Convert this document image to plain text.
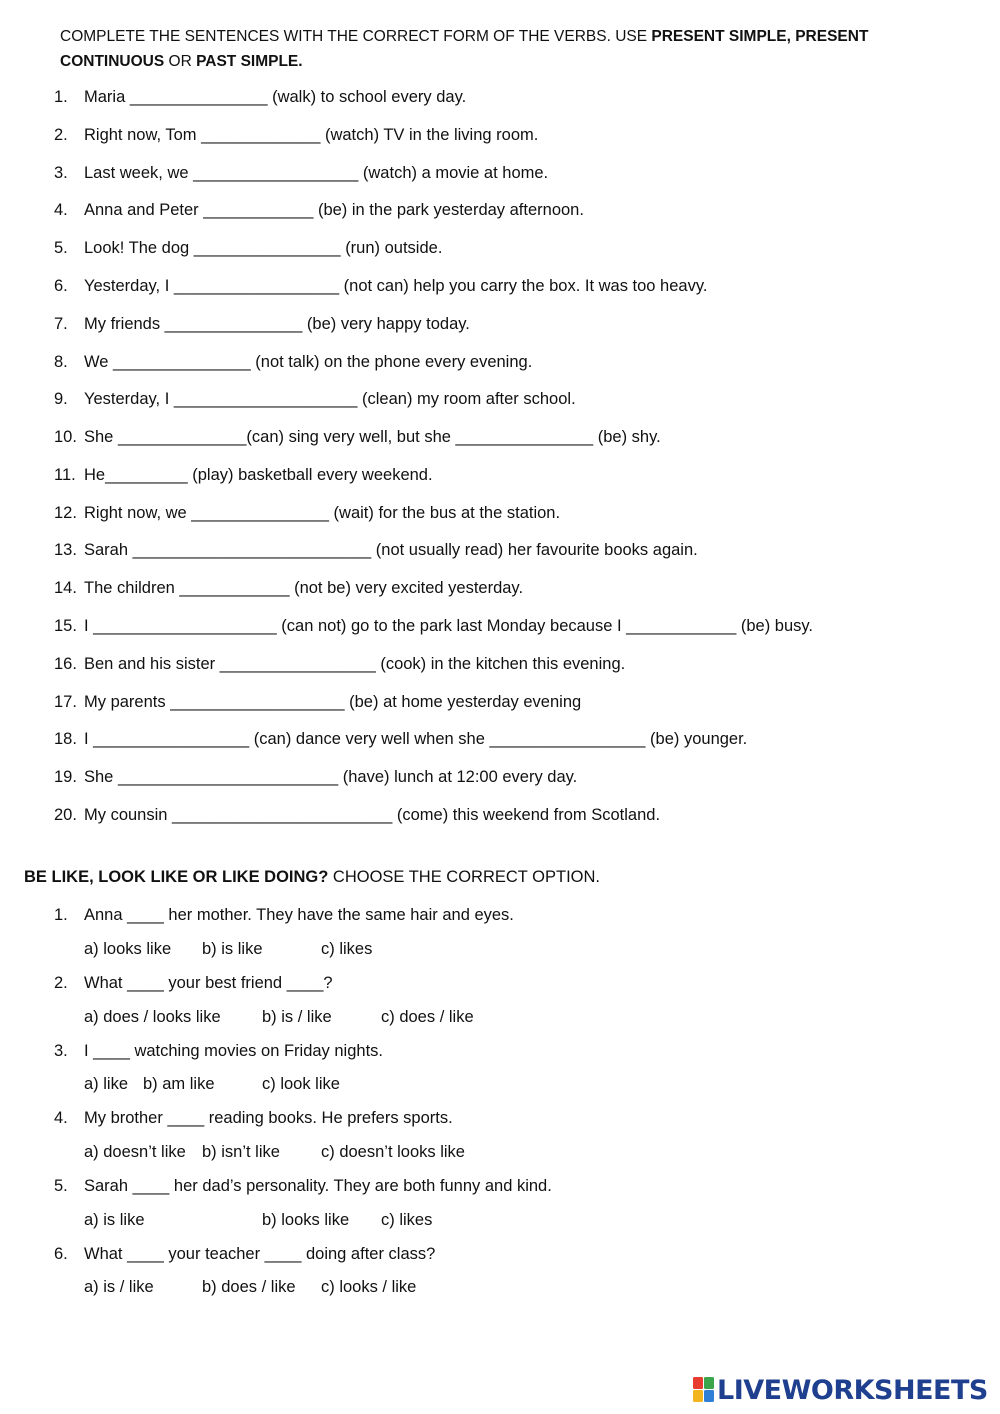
COMPLETE THE SENTENCES WITH THE CORRECT FORM OF THE VERBS. USE PRESENT SIMPLE, PRESENT CONTINUOUS OR PAST SIMPLE.
1. Maria _______________ (walk) to school every day.
2. Right now, Tom _____________ (watch) TV in the living room.
3. Last week, we __________________ (watch) a movie at home.
4. Anna and Peter ____________ (be) in the park yesterday afternoon.
5. Look! The dog ________________ (run) outside.
6. Yesterday, I __________________ (not can) help you carry the box. It was too heavy.
7. My friends _______________ (be) very happy today.
8. We _______________ (not talk) on the phone every evening.
9. Yesterday, I ____________________ (clean) my room after school.
10. She ______________(can) sing very well, but she _______________ (be) shy.
11. He_________ (play) basketball every weekend.
12. Right now, we _______________ (wait) for the bus at the station.
13. Sarah __________________________ (not usually read) her favourite books again.
14. The children ____________ (not be) very excited yesterday.
15. I ____________________ (can not) go to the park last Monday because I ____________ (be) busy.
16. Ben and his sister _________________ (cook) in the kitchen this evening.
17. My parents ___________________ (be) at home yesterday evening
18. I _________________ (can) dance very well when she _________________ (be) younger.
19. She ________________________ (have) lunch at 12:00 every day.
20. My counsin ________________________ (come) this weekend from Scotland.
BE LIKE, LOOK LIKE OR LIKE DOING? CHOOSE THE CORRECT OPTION.
1. Anna ____ her mother. They have the same hair and eyes.
a) looks like b) is like	c) likes
2. What ____ your best friend ____?
a) does / looks like	b) is / like	c) does / like
3. I ____ watching movies on Friday nights.
a) like b) am like	c) look like
4. My brother ____ reading books. He prefers sports.
a) doesn’t like b) isn’t like c) doesn’t looks like
5. Sarah ____ her dad’s personality. They are both funny and kind.
a) is like	b) looks like c) likes
6. What ____ your teacher ____ doing after class?
a) is / like	b) does / like c) looks / like
LIVEWORKSHEETS
